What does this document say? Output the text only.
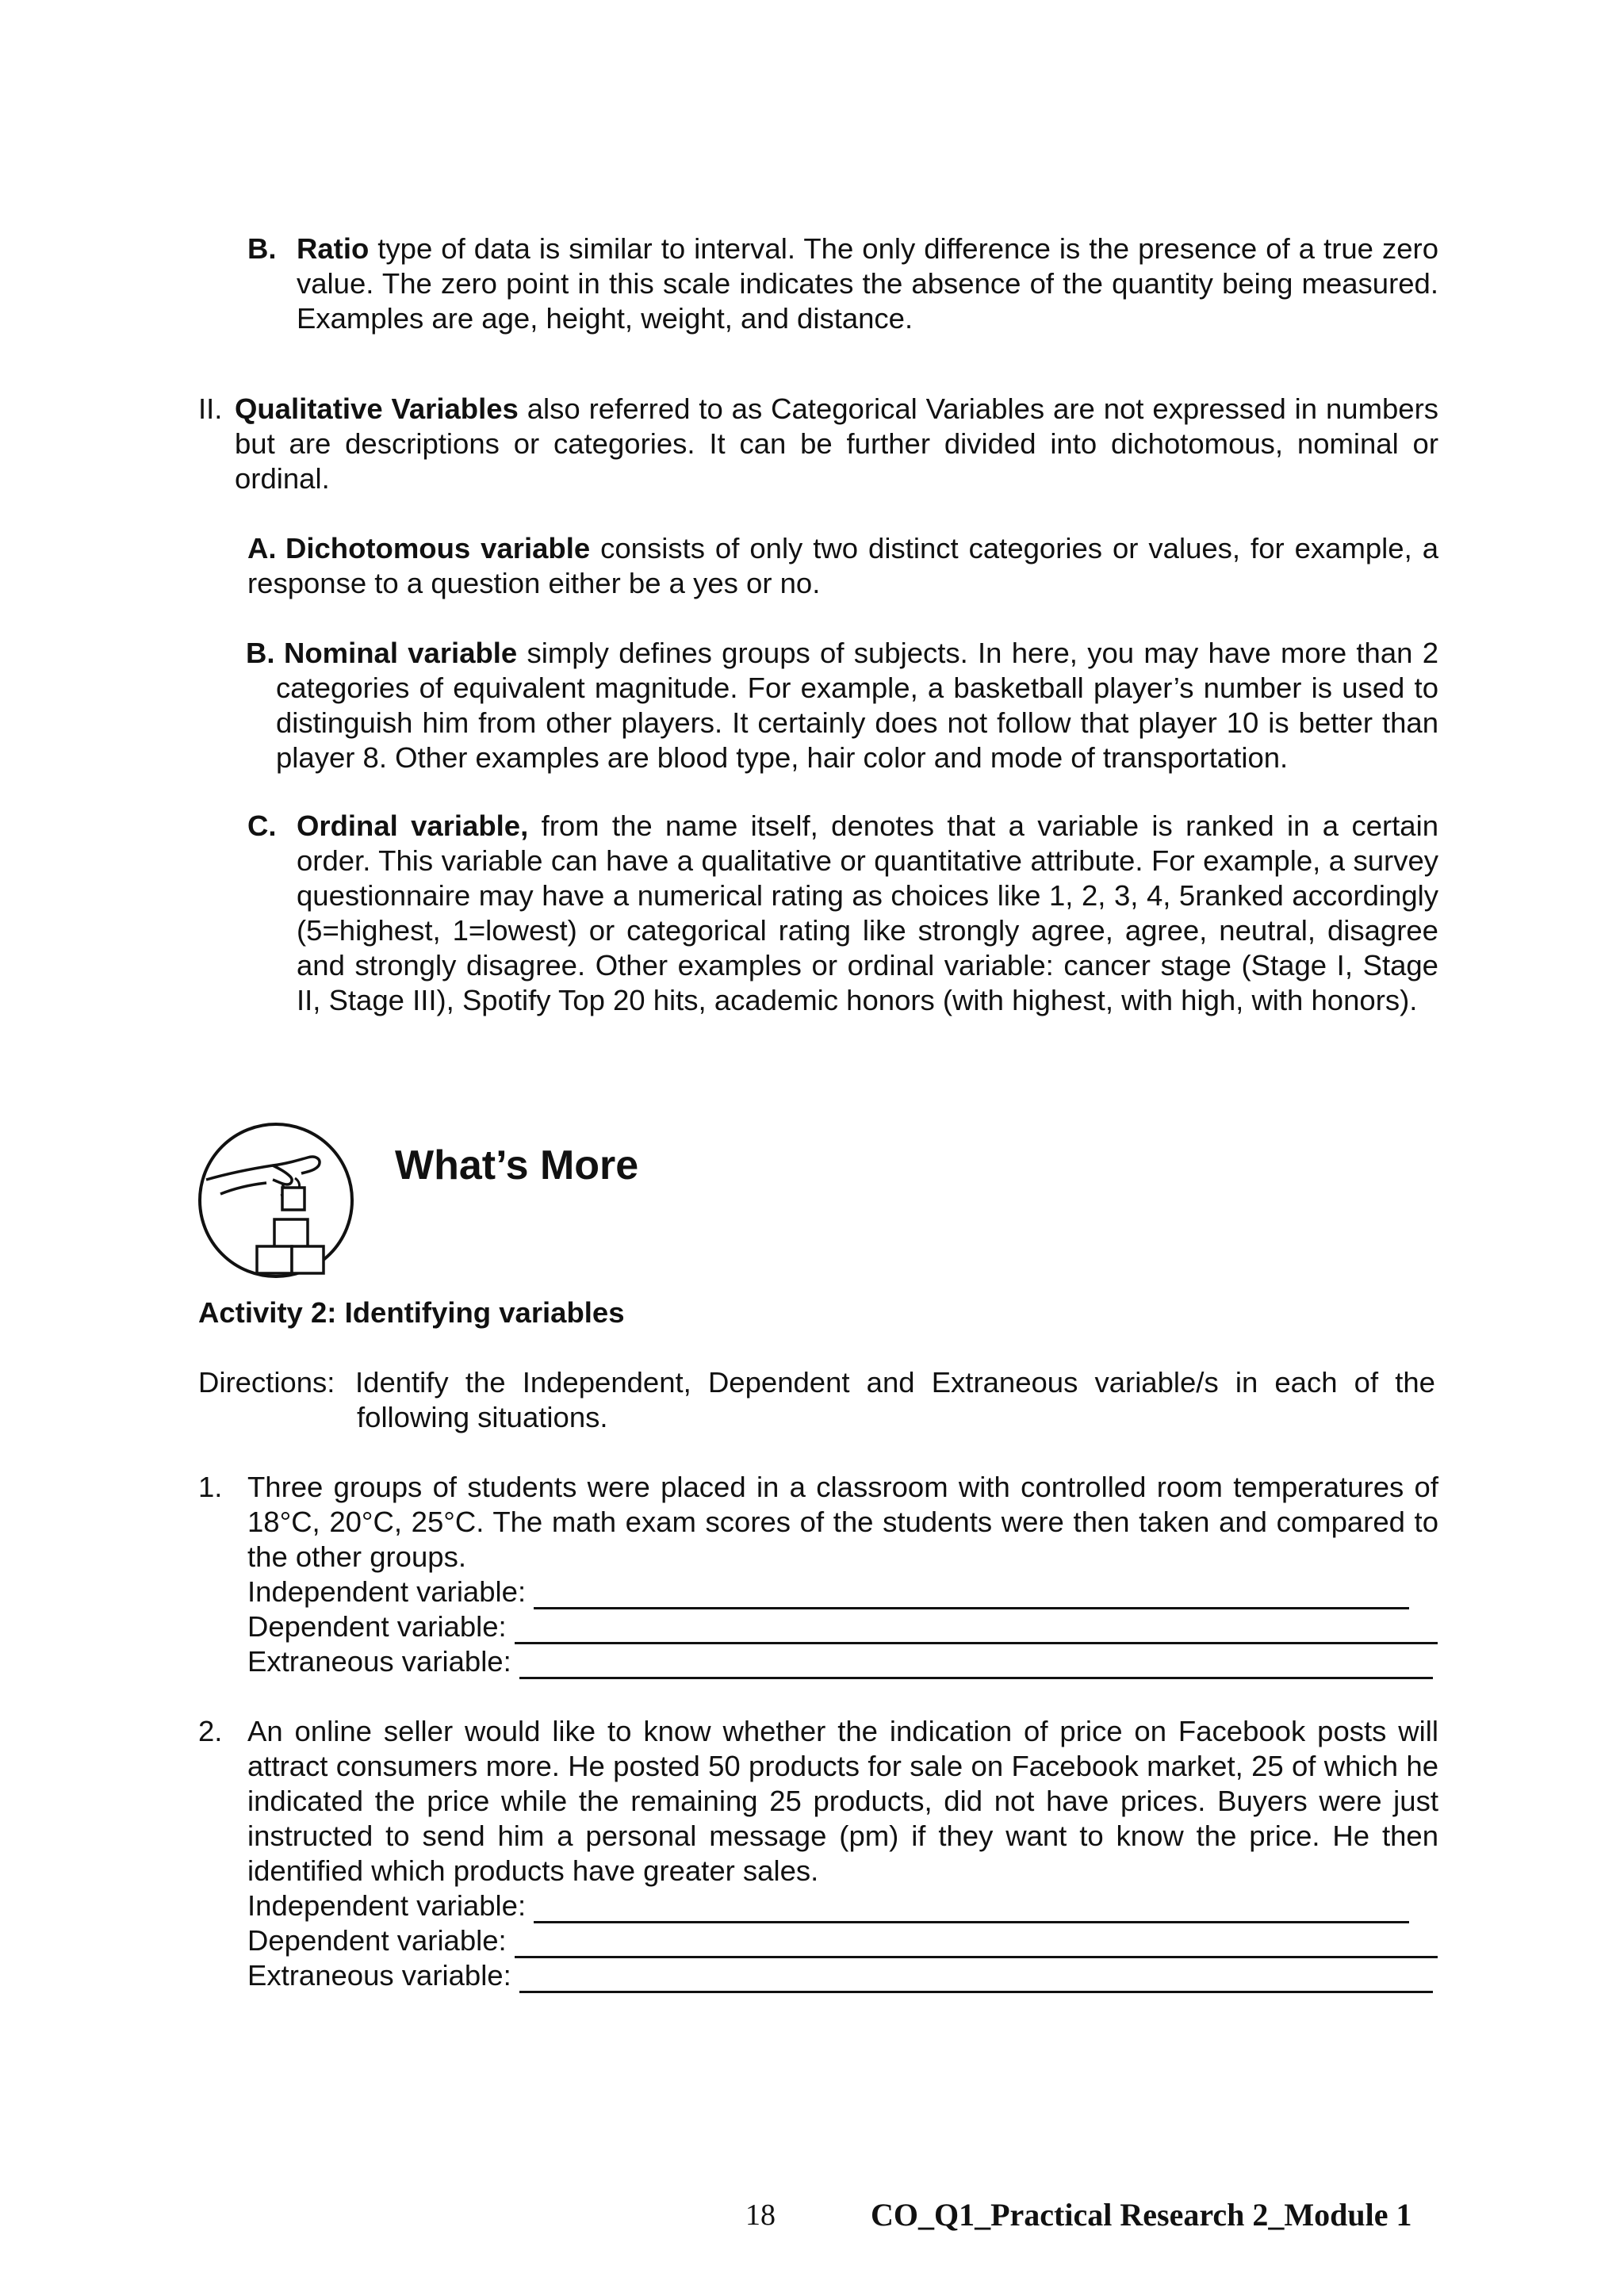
B. Ratio type of data is similar to interval. The only difference is the presence of a true zero value. The zero point in this scale indicates the absence of the quantity being measured. Examples are age, height, weight, and distance.

II. Qualitative Variables also referred to as Categorical Variables are not expressed in numbers but are descriptions or categories. It can be further divided into dichotomous, nominal or ordinal.

A. Dichotomous variable consists of only two distinct categories or values, for example, a response to a question either be a yes or no.

B. Nominal variable simply defines groups of subjects. In here, you may have more than 2 categories of equivalent magnitude. For example, a basketball player’s number is used to distinguish him from other players. It certainly does not follow that player 10 is better than player 8. Other examples are blood type, hair color and mode of transportation.

C. Ordinal variable, from the name itself, denotes that a variable is ranked in a certain order. This variable can have a qualitative or quantitative attribute. For example, a survey questionnaire may have a numerical rating as choices like 1, 2, 3, 4, 5ranked accordingly (5=highest, 1=lowest) or categorical rating like strongly agree, agree, neutral, disagree and strongly disagree. Other examples or ordinal variable: cancer stage (Stage I, Stage II, Stage III), Spotify Top 20 hits, academic honors (with highest, with high, with honors).

What’s More
Activity 2: Identifying variables
Directions: Identify the Independent, Dependent and Extraneous variable/s in each of the following situations.

1. Three groups of students were placed in a classroom with controlled room temperatures of 18°C, 20°C, 25°C. The math exam scores of the students were then taken and compared to the other groups.

Independent variable:
Dependent variable:
Extraneous variable:
2. An online seller would like to know whether the indication of price on Facebook posts will attract consumers more. He posted 50 products for sale on Facebook market, 25 of which he indicated the price while the remaining 25 products, did not have prices. Buyers were just instructed to send him a personal message (pm) if they want to know the price. He then identified which products have greater sales.

Independent variable:
Dependent variable:
Extraneous variable:
18	CO_Q1_Practical Research 2_Module 1
